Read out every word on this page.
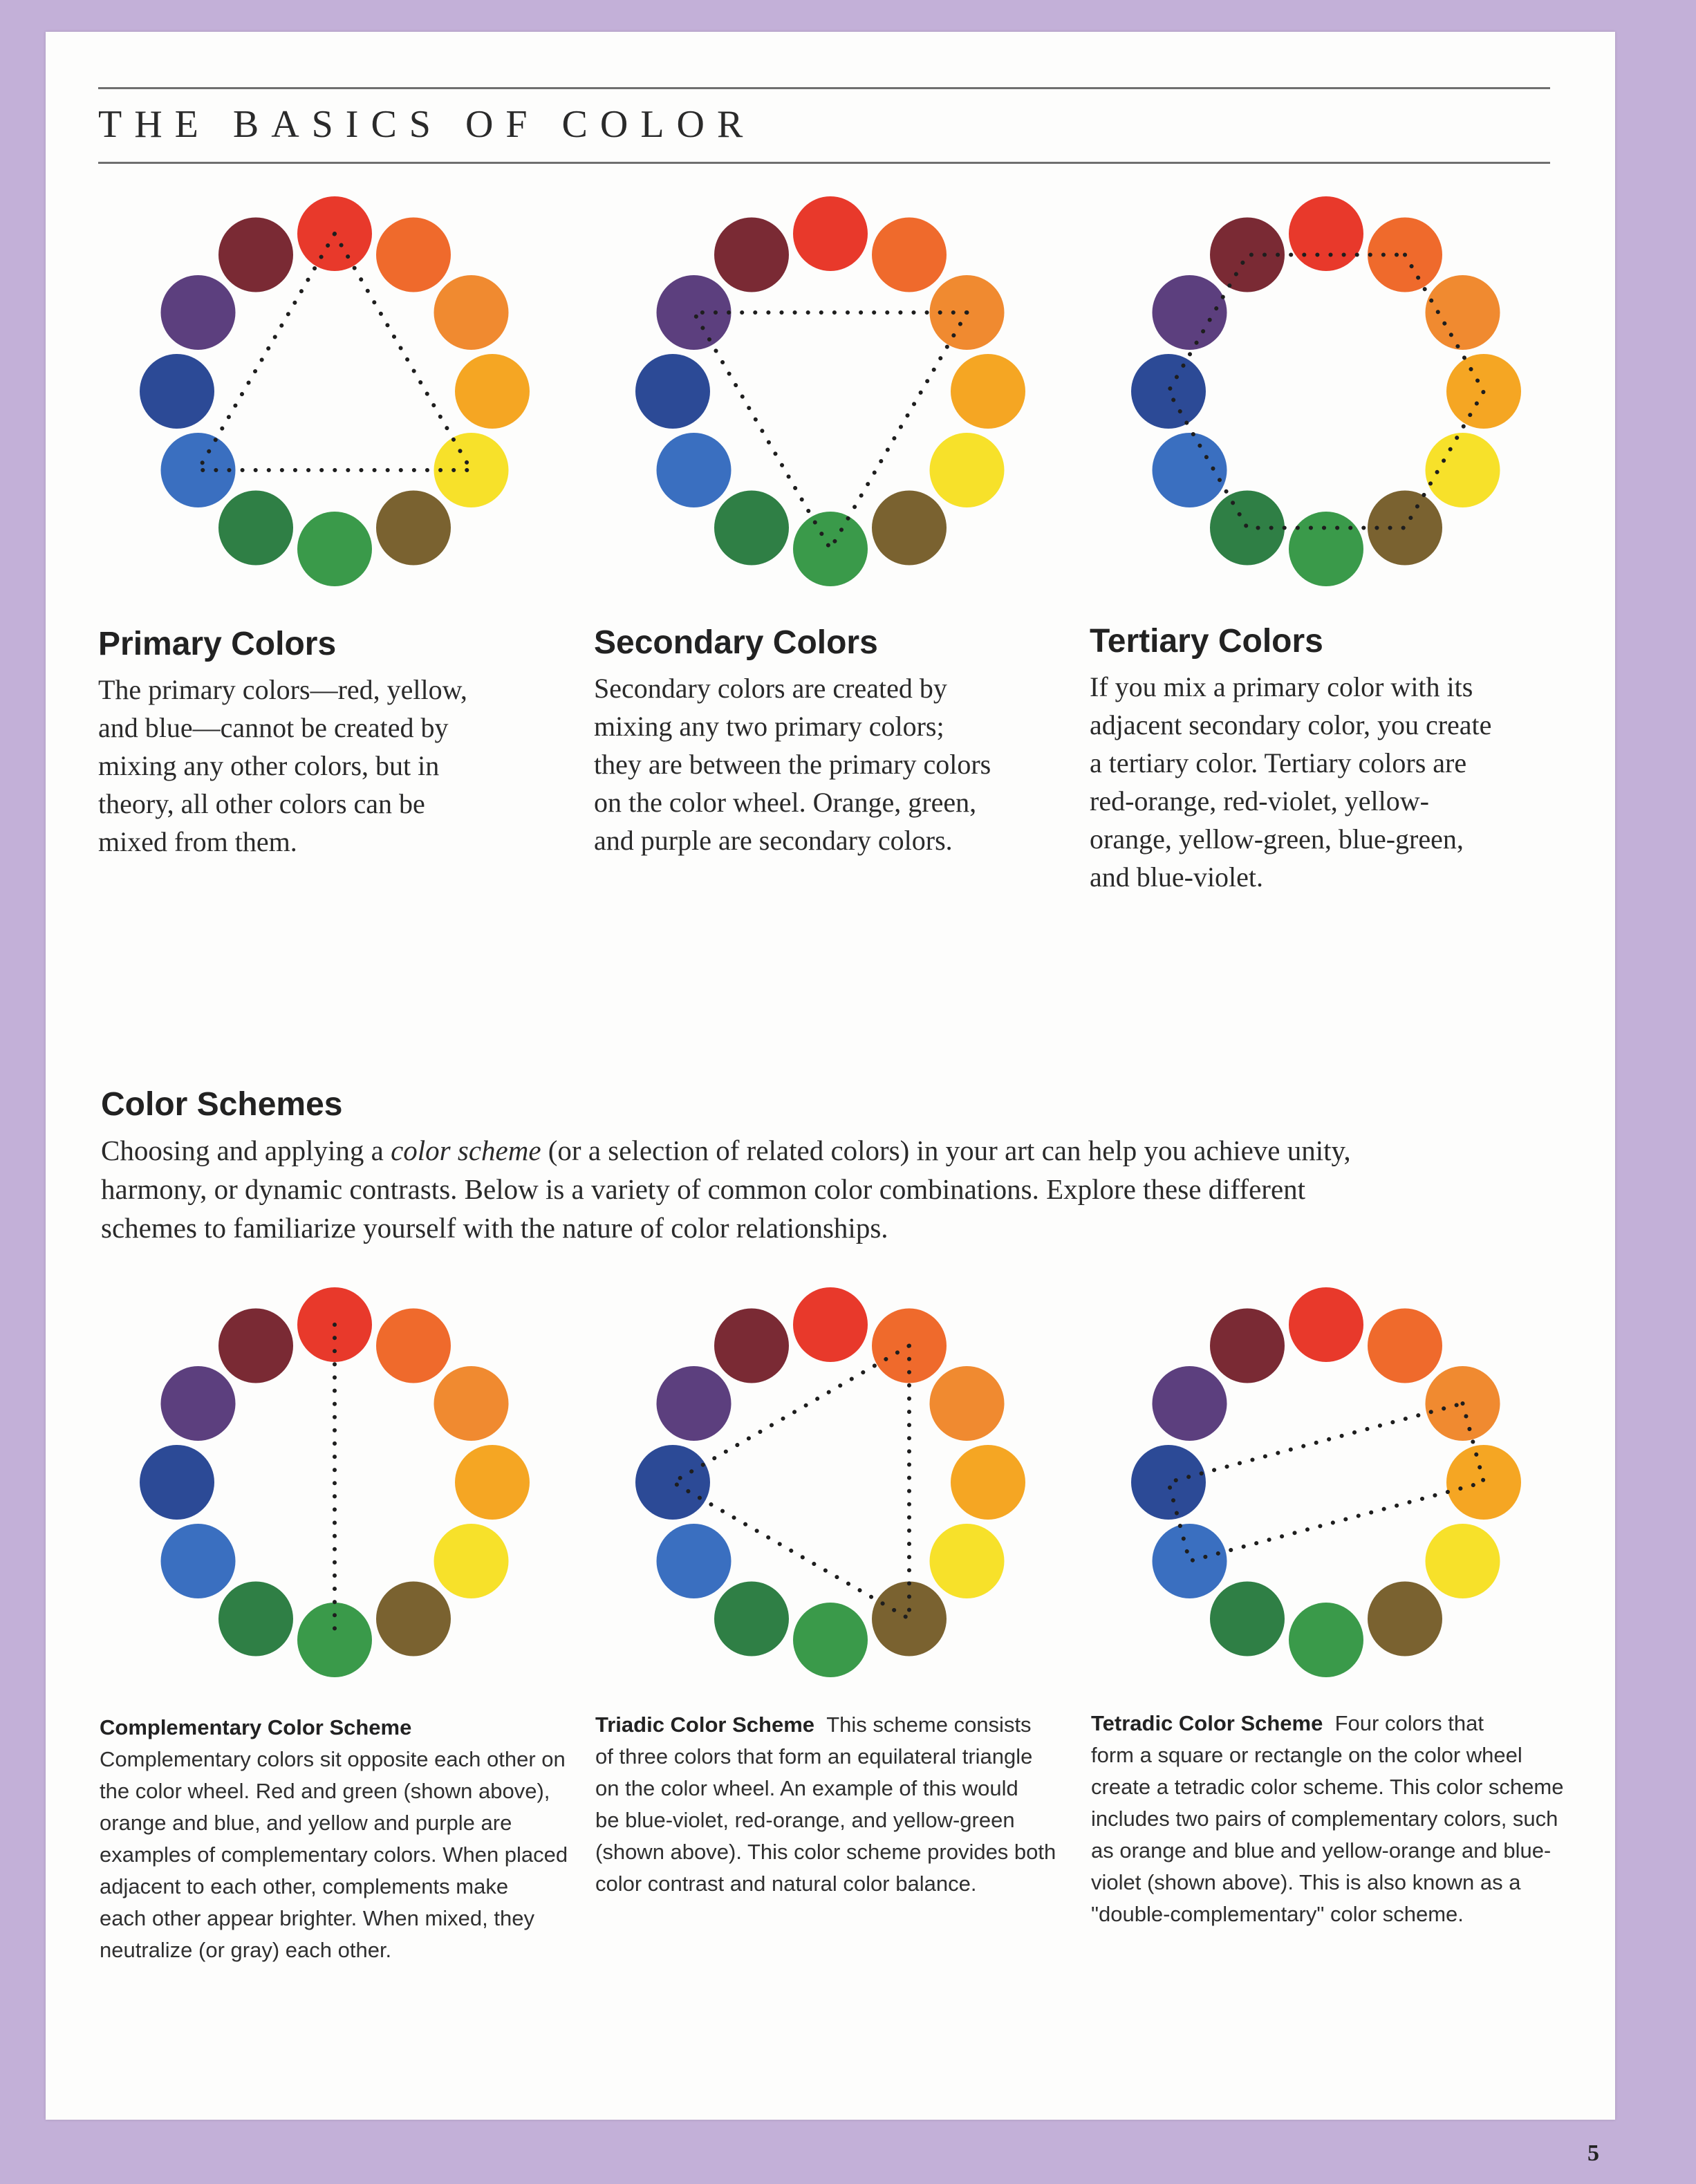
THE BASICS OF COLOR
Primary Colors
The primary colors—red, yellow,
and blue—cannot be created by
mixing any other colors, but in
theory, all other colors can be
mixed from them.
Secondary Colors
Secondary colors are created by
mixing any two primary colors;
they are between the primary colors
on the color wheel. Orange, green,
and purple are secondary colors.
Tertiary Colors
If you mix a primary color with its
adjacent secondary color, you create
a tertiary color. Tertiary colors are
red-orange, red-violet, yellow-
orange, yellow-green, blue-green,
and blue-violet.
Color Schemes
Choosing and applying a color scheme (or a selection of related colors) in your art can help you achieve unity,
harmony, or dynamic contrasts. Below is a variety of common color combinations. Explore these different
schemes to familiarize yourself with the nature of color relationships.
Complementary Color Scheme
Complementary colors sit opposite each other on
the color wheel. Red and green (shown above),
orange and blue, and yellow and purple are
examples of complementary colors. When placed
adjacent to each other, complements make
each other appear brighter. When mixed, they
neutralize (or gray) each other.
Triadic Color Scheme This scheme consists
of three colors that form an equilateral triangle
on the color wheel. An example of this would
be blue-violet, red-orange, and yellow-green
(shown above). This color scheme provides both
color contrast and natural color balance.
Tetradic Color Scheme Four colors that
form a square or rectangle on the color wheel
create a tetradic color scheme. This color scheme
includes two pairs of complementary colors, such
as orange and blue and yellow-orange and blue-
violet (shown above). This is also known as a
"double-complementary" color scheme.
5
